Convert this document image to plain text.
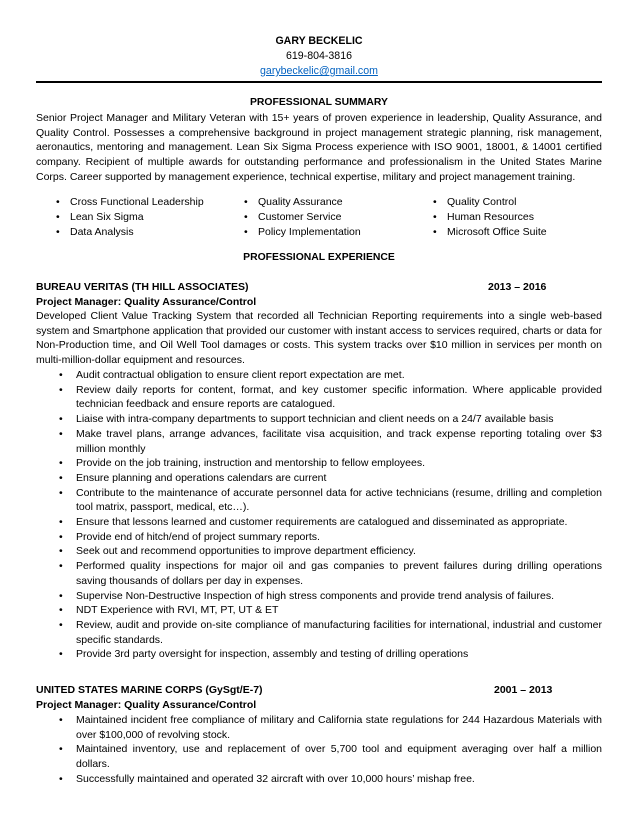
GARY BECKELIC
619-804-3816
garybeckelic@gmail.com
PROFESSIONAL SUMMARY
Senior Project Manager and Military Veteran with 15+ years of proven experience in leadership, Quality Assurance, and Quality Control. Possesses a comprehensive background in project management strategic planning, risk management, aeronautics, mentoring and management. Lean Six Sigma Process experience with ISO 9001, 18001, & 14001 certified company. Recipient of multiple awards for outstanding performance and professionalism in the United States Marine Corps. Career supported by management experience, technical expertise, military and project management training.
• Cross Functional Leadership
• Lean Six Sigma
• Data Analysis
• Quality Assurance
• Customer Service
• Policy Implementation
• Quality Control
• Human Resources
• Microsoft Office Suite
PROFESSIONAL EXPERIENCE
BUREAU VERITAS (TH HILL ASSOCIATES)	2013 – 2016
Project Manager: Quality Assurance/Control
Developed Client Value Tracking System that recorded all Technician Reporting requirements into a single web-based system and Smartphone application that provided our customer with instant access to services required, charts or data for Non-Production time, and Oil Well Tool damages or costs. This system tracks over $10 million in services per month on multi-million-dollar equipment and resources.
• Audit contractual obligation to ensure client report expectation are met.
• Review daily reports for content, format, and key customer specific information. Where applicable provided technician feedback and ensure reports are catalogued.
• Liaise with intra-company departments to support technician and client needs on a 24/7 available basis
• Make travel plans, arrange advances, facilitate visa acquisition, and track expense reporting totaling over $3 million monthly
• Provide on the job training, instruction and mentorship to fellow employees.
• Ensure planning and operations calendars are current
• Contribute to the maintenance of accurate personnel data for active technicians (resume, drilling and completion tool matrix, passport, medical, etc…).
• Ensure that lessons learned and customer requirements are catalogued and disseminated as appropriate.
• Provide end of hitch/end of project summary reports.
• Seek out and recommend opportunities to improve department efficiency.
• Performed quality inspections for major oil and gas companies to prevent failures during drilling operations saving thousands of dollars per day in expenses.
• Supervise Non-Destructive Inspection of high stress components and provide trend analysis of failures.
• NDT Experience with RVI, MT, PT, UT & ET
• Review, audit and provide on-site compliance of manufacturing facilities for international, industrial and customer specific standards.
• Provide 3rd party oversight for inspection, assembly and testing of drilling operations
UNITED STATES MARINE CORPS (GySgt/E-7)	2001 – 2013
Project Manager: Quality Assurance/Control
• Maintained incident free compliance of military and California state regulations for 244 Hazardous Materials with over $100,000 of revolving stock.
• Maintained inventory, use and replacement of over 5,700 tool and equipment averaging over half a million dollars.
• Successfully maintained and operated 32 aircraft with over 10,000 hours’ mishap free.
